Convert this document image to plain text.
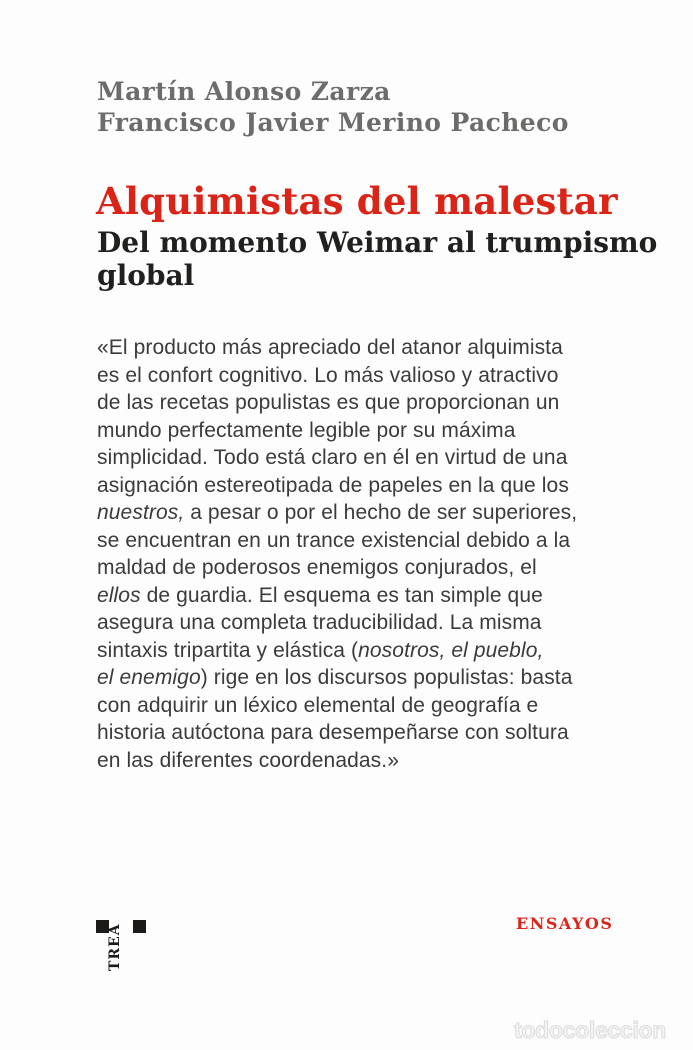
Martín Alonso Zarza
Francisco Javier Merino Pacheco
Alquimistas del malestar
Del momento Weimar al trumpismo
global
«El producto más apreciado del atanor alquimista
es el confort cognitivo. Lo más valioso y atractivo
de las recetas populistas es que proporcionan un
mundo perfectamente legible por su máxima
simplicidad. Todo está claro en él en virtud de una
asignación estereotipada de papeles en la que los
nuestros, a pesar o por el hecho de ser superiores,
se encuentran en un trance existencial debido a la
maldad de poderosos enemigos conjurados, el
ellos de guardia. El esquema es tan simple que
asegura una completa traducibilidad. La misma
sintaxis tripartita y elástica (nosotros, el pueblo,
el enemigo) rige en los discursos populistas: basta
con adquirir un léxico elemental de geografía e
historia autóctona para desempeñarse con soltura
en las diferentes coordenadas.»
TREA	ENSAYOS
todocoleccion
